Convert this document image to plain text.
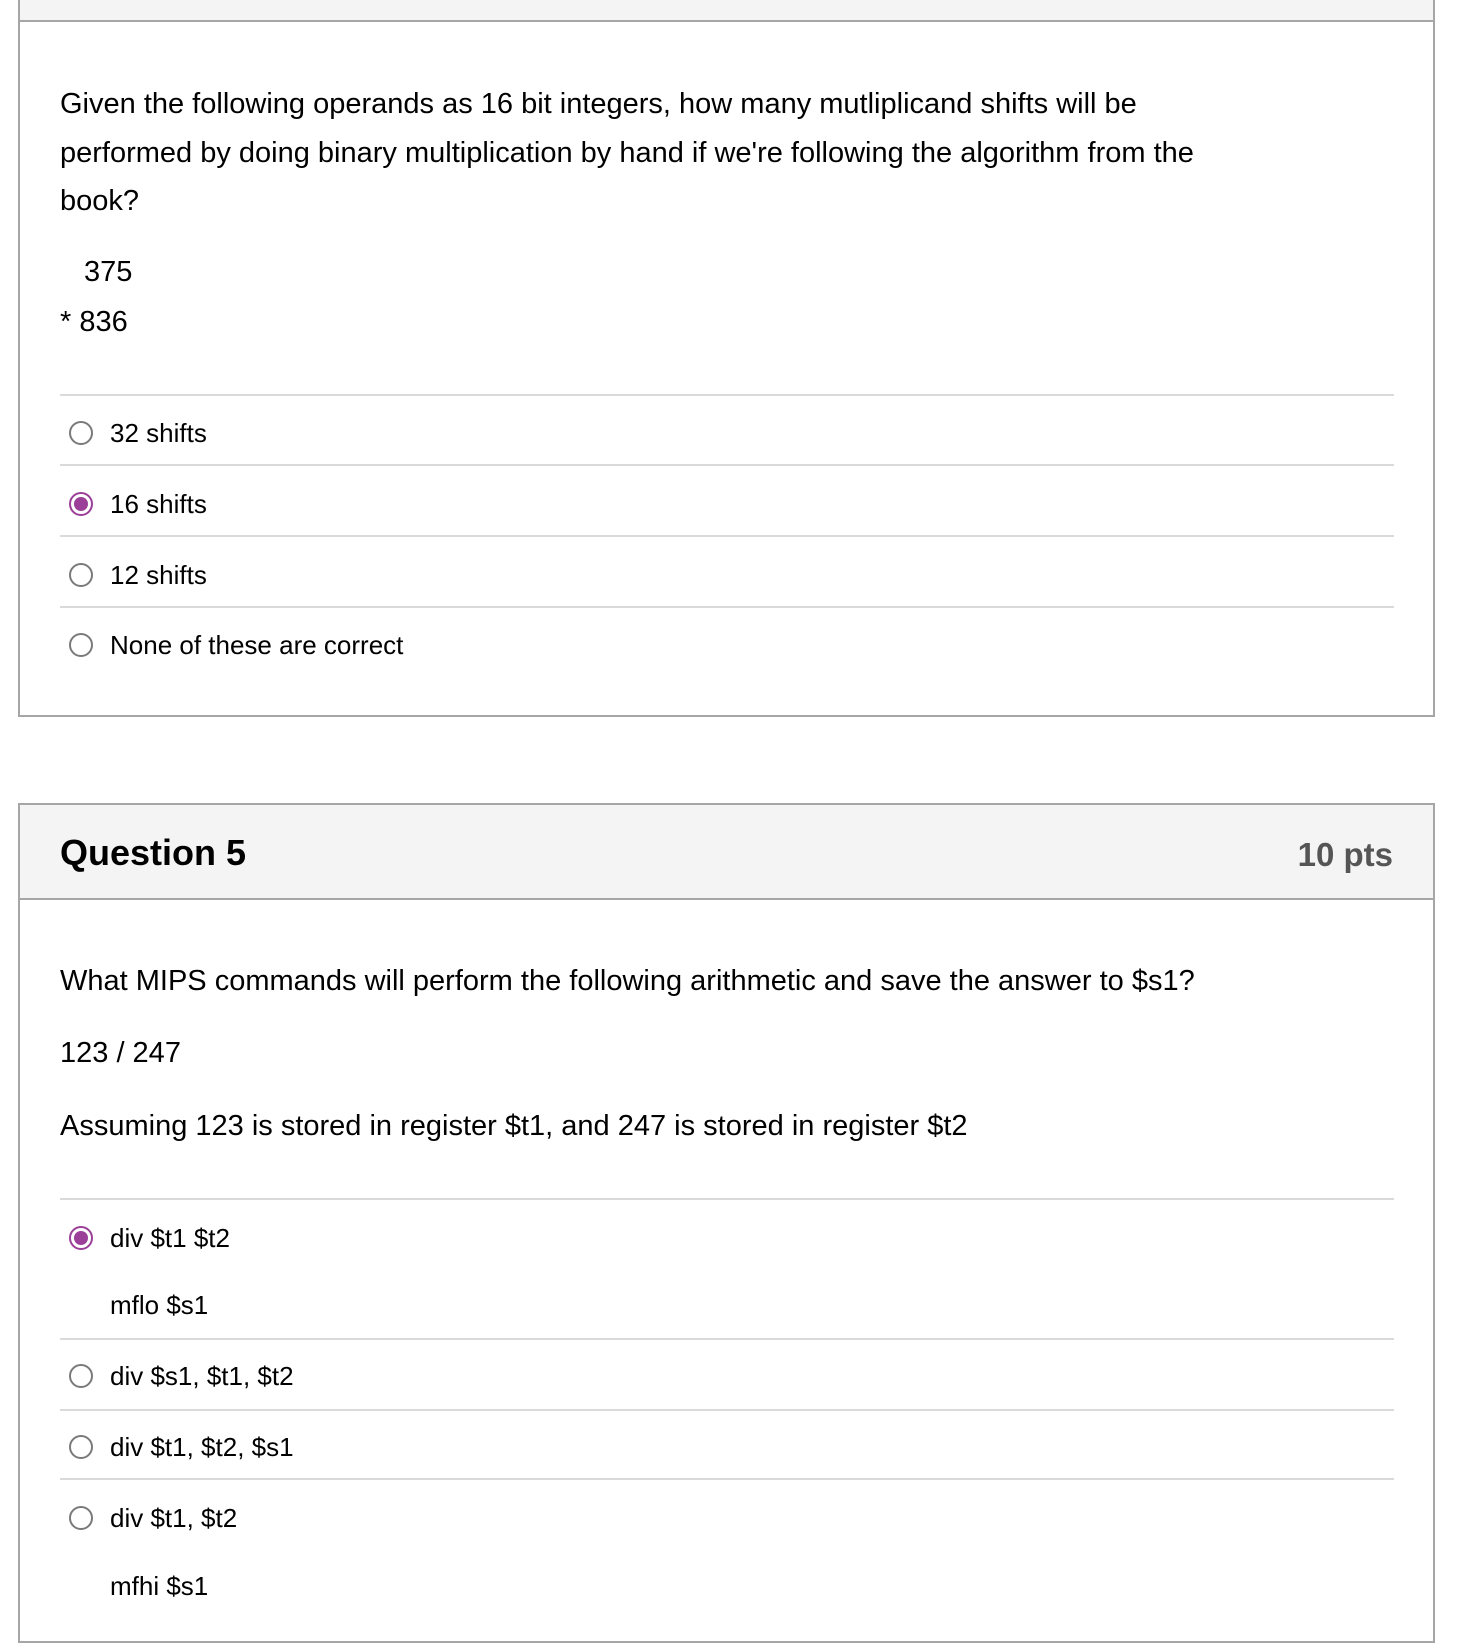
Given the following operands as 16 bit integers, how many mutliplicand shifts will be
performed by doing binary multiplication by hand if we're following the algorithm from the
book?
375
* 836
32 shifts
16 shifts
12 shifts
None of these are correct
Question 5	10 pts
What MIPS commands will perform the following arithmetic and save the answer to $s1?
123 / 247
Assuming 123 is stored in register $t1, and 247 is stored in register $t2
div $t1 $t2
mflo $s1
div $s1, $t1, $t2
div $t1, $t2, $s1
div $t1, $t2
mfhi $s1
